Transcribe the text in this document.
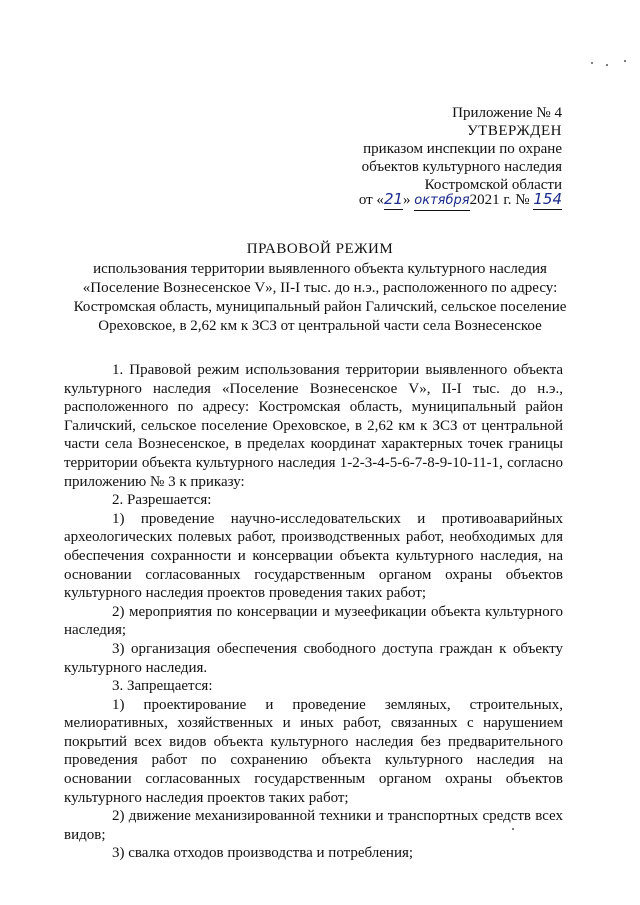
Приложение № 4
УТВЕРЖДЕН
приказом инспекции по охране
объектов культурного наследия
Костромской области
от «21» октября2021 г. № 154
ПРАВОВОЙ РЕЖИМ
использования территории выявленного объекта культурного наследия «Поселение Вознесенское V», II-I тыс. до н.э., расположенного по адресу: Костромская область, муниципальный район Галичский, сельское поселение Ореховское, в 2,62 км к ЗСЗ от центральной части села Вознесенское

1. Правовой режим использования территории выявленного объекта культурного наследия «Поселение Вознесенское V», II-I тыс. до н.э., расположенного по адресу: Костромская область, муниципальный район Галичский, сельское поселение Ореховское, в 2,62 км к ЗСЗ от центральной части села Вознесенское, в пределах координат характерных точек границы территории объекта культурного наследия 1-2-3-4-5-6-7-8-9-10-11-1, согласно приложению № 3 к приказу:

2. Разрешается:

1) проведение научно-исследовательских и противоаварийных археологических полевых работ, производственных работ, необходимых для обеспечения сохранности и консервации объекта культурного наследия, на основании согласованных государственным органом охраны объектов культурного наследия проектов проведения таких работ;

2) мероприятия по консервации и музеефикации объекта культурного наследия;

3) организация обеспечения свободного доступа граждан к объекту культурного наследия.

3. Запрещается:

1) проектирование и проведение земляных, строительных, мелиоративных, хозяйственных и иных работ, связанных с нарушением покрытий всех видов объекта культурного наследия без предварительного проведения работ по сохранению объекта культурного наследия на основании согласованных государственным органом охраны объектов культурного наследия проектов таких работ;

2) движение механизированной техники и транспортных средств всех видов;

3) свалка отходов производства и потребления;
